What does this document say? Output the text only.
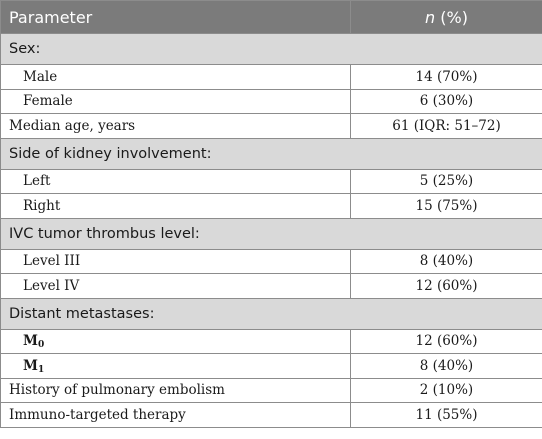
Parameter	n (%)
Sex:	
Male	14 (70%)
Female	6 (30%)
Median age, years	61 (IQR: 51–72)
Side of kidney involvement:	
Left	5 (25%)
Right	15 (75%)
IVC tumor thrombus level:	
Level III	8 (40%)
Level IV	12 (60%)
Distant metastases:	
$M_0$	12 (60%)
$M_1$	8 (40%)
History of pulmonary embolism	2 (10%)
Immuno-targeted therapy	11 (55%)
